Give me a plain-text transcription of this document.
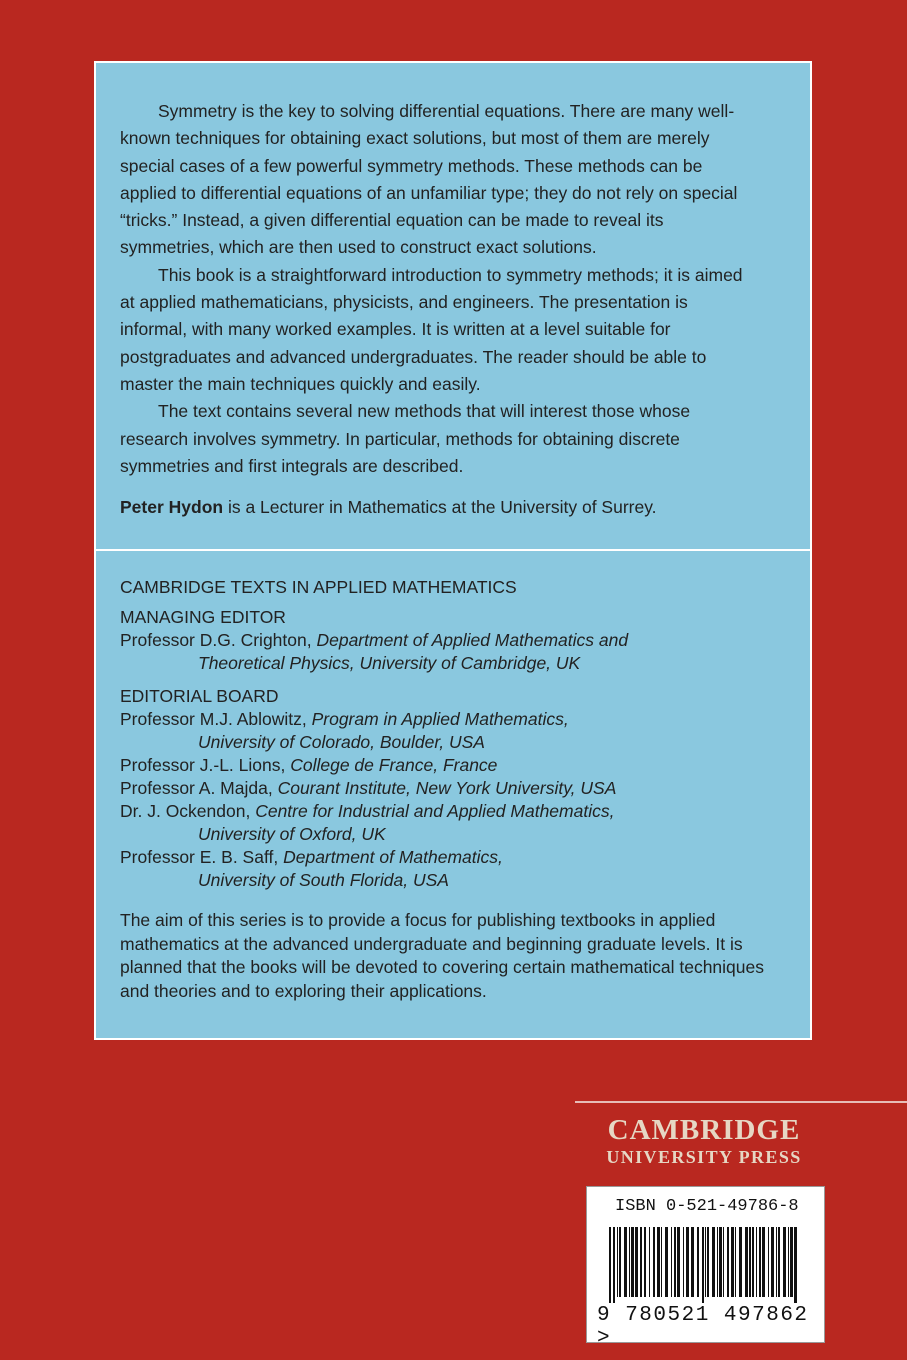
Symmetry is the key to solving differential equations. There are many well-known techniques for obtaining exact solutions, but most of them are merely special cases of a few powerful symmetry methods. These methods can be applied to differential equations of an unfamiliar type; they do not rely on special “tricks.” Instead, a given differential equation can be made to reveal its symmetries, which are then used to construct exact solutions.

This book is a straightforward introduction to symmetry methods; it is aimed at applied mathematicians, physicists, and engineers. The presentation is informal, with many worked examples. It is written at a level suitable for postgraduates and advanced undergraduates. The reader should be able to master the main techniques quickly and easily.

The text contains several new methods that will interest those whose research involves symmetry. In particular, methods for obtaining discrete symmetries and first integrals are described.

Peter Hydon is a Lecturer in Mathematics at the University of Surrey.

CAMBRIDGE TEXTS IN APPLIED MATHEMATICS

MANAGING EDITOR

Professor D.G. Crighton, Department of Applied Mathematics and

Theoretical Physics, University of Cambridge, UK

EDITORIAL BOARD

Professor M.J. Ablowitz, Program in Applied Mathematics,

University of Colorado, Boulder, USA

Professor J.-L. Lions, College de France, France

Professor A. Majda, Courant Institute, New York University, USA

Dr. J. Ockendon, Centre for Industrial and Applied Mathematics,

University of Oxford, UK

Professor E. B. Saff, Department of Mathematics,

University of South Florida, USA

The aim of this series is to provide a focus for publishing textbooks in applied mathematics at the advanced undergraduate and beginning graduate levels. It is planned that the books will be devoted to covering certain mathematical techniques and theories and to exploring their applications.
CAMBRIDGE
UNIVERSITY PRESS
ISBN 0-521-49786-8
9 780521 497862 >
